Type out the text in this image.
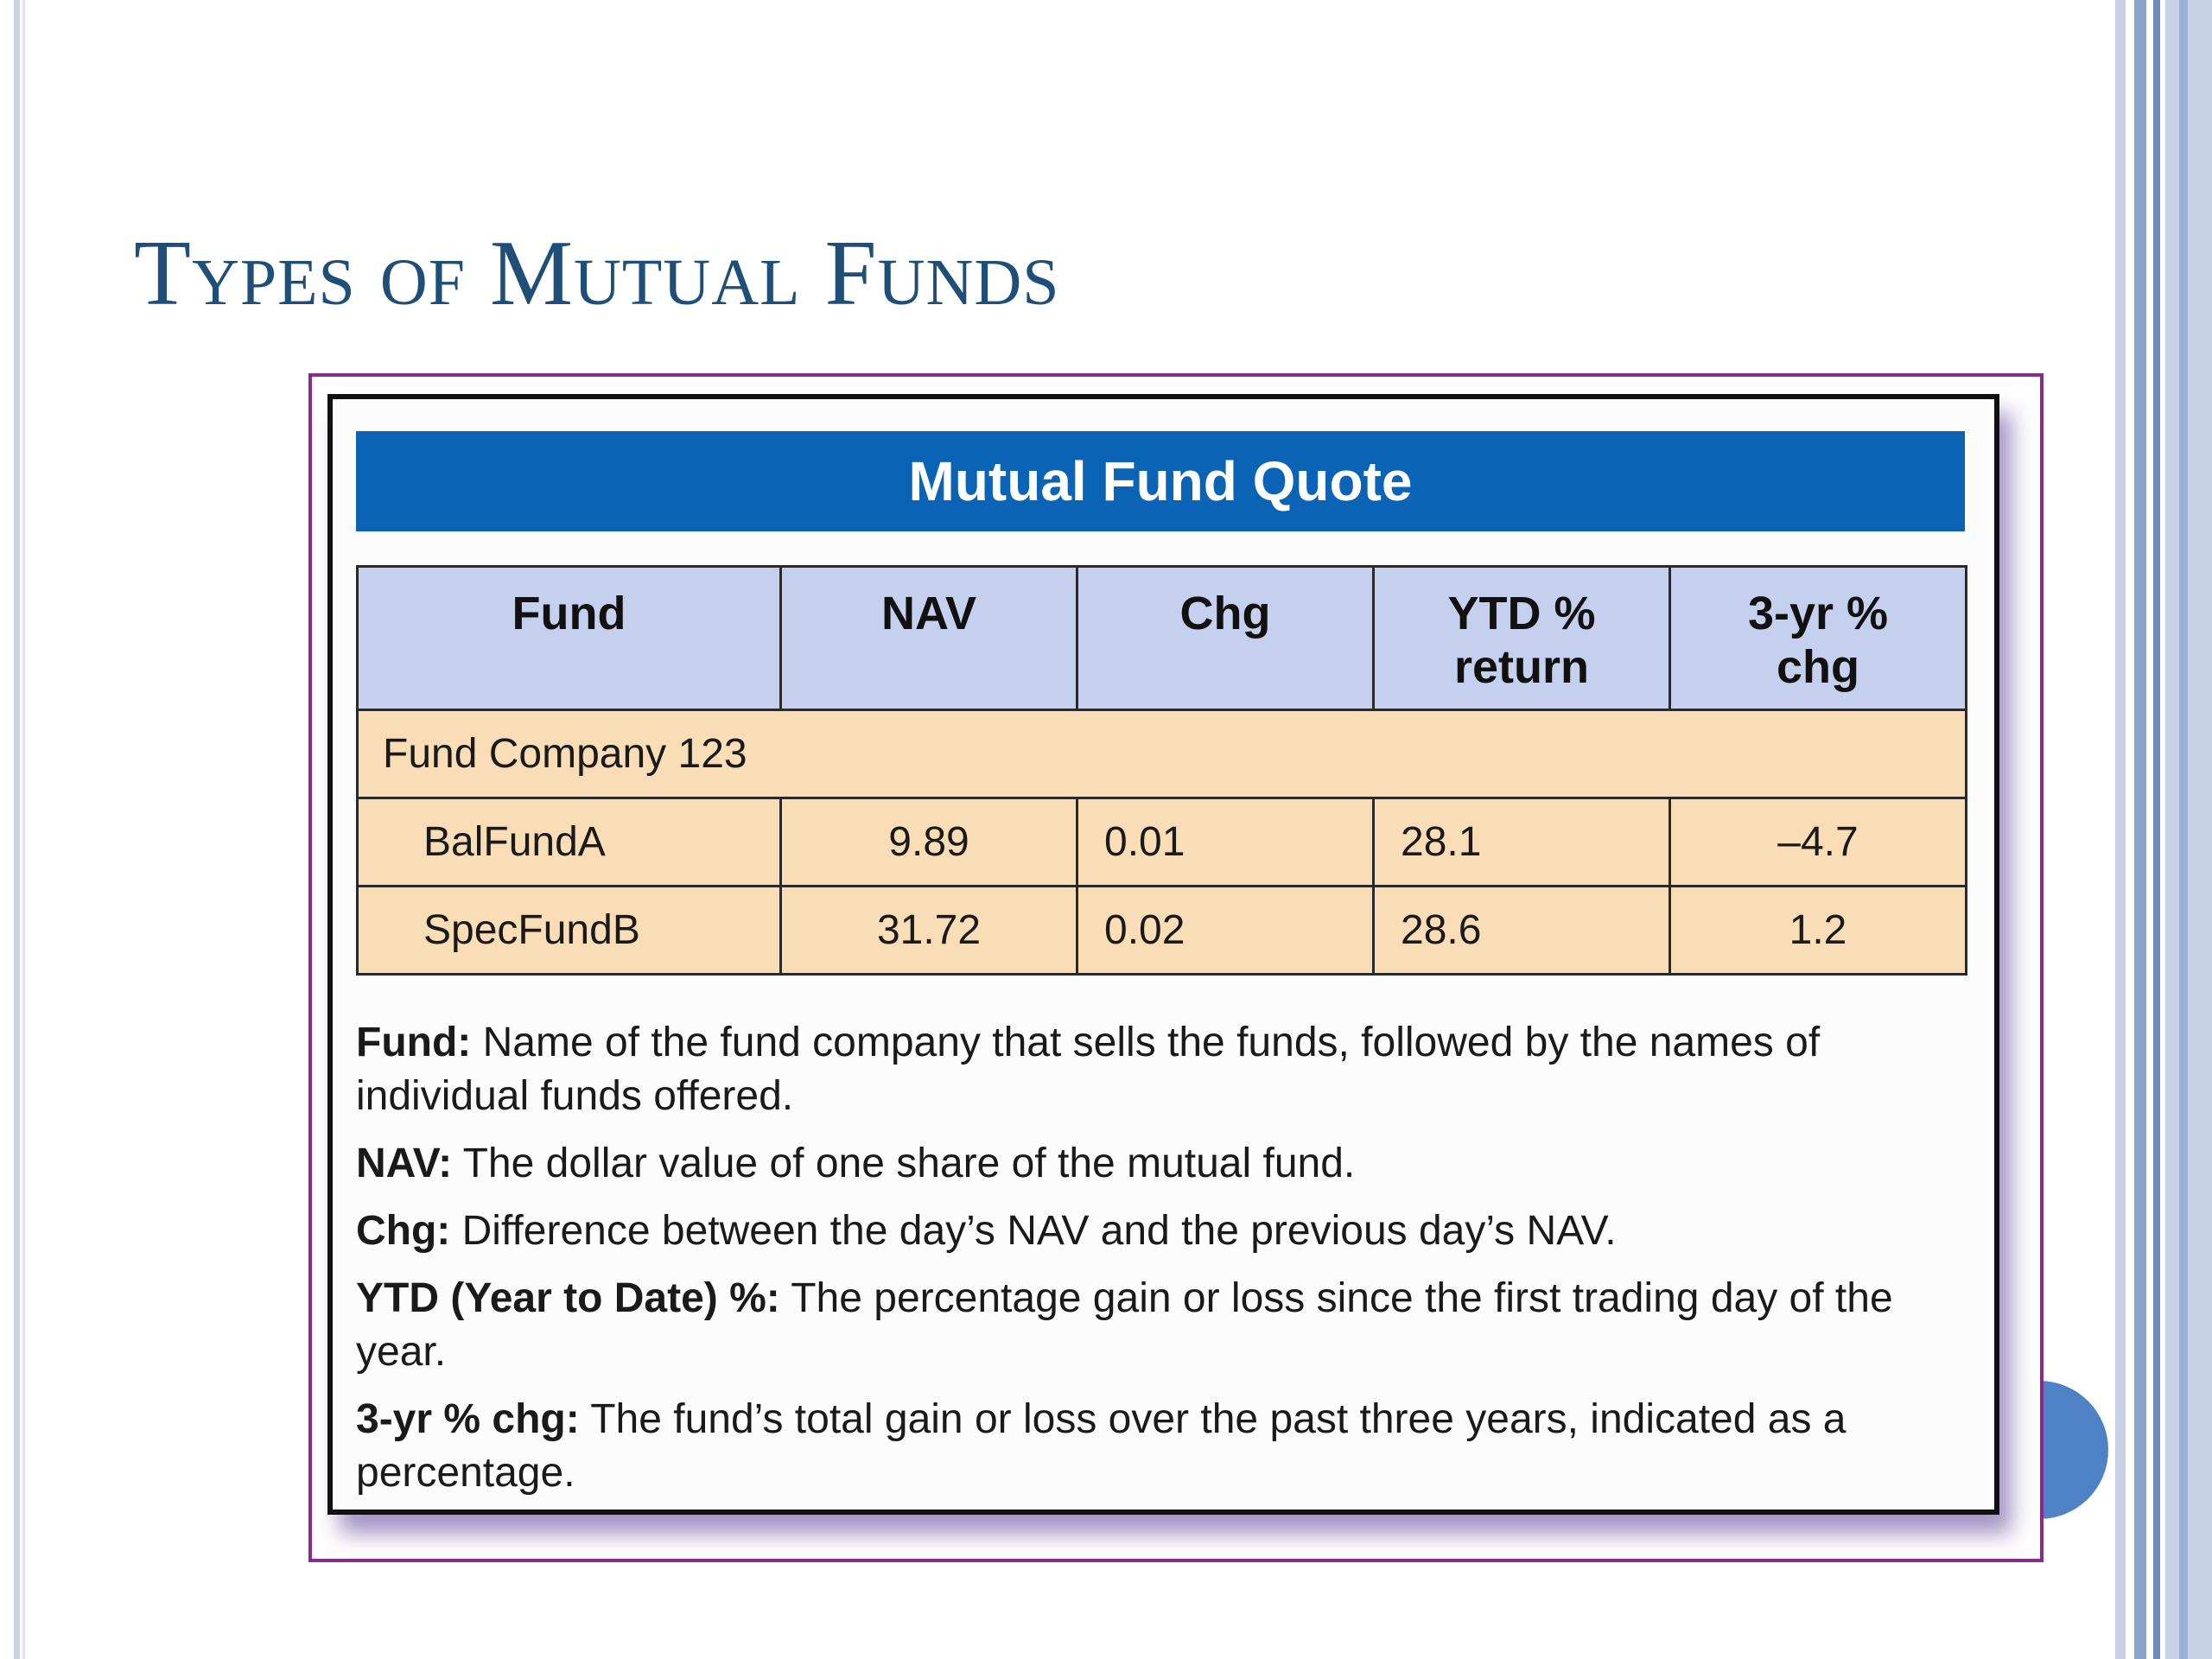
Types of Mutual Funds
Mutual Fund Quote
Fund	NAV	Chg	YTD % return	3-yr % chg
Fund Company 123				
BalFundA	9.89	0.01	28.1	–4.7
SpecFundB	31.72	0.02	28.6	1.2

Fund: Name of the fund company that sells the funds, followed by the names of individual funds offered.

NAV: The dollar value of one share of the mutual fund.

Chg: Difference between the day’s NAV and the previous day’s NAV.

YTD (Year to Date) %: The percentage gain or loss since the first trading day of the year.

3-yr % chg: The fund’s total gain or loss over the past three years, indicated as a percentage.
